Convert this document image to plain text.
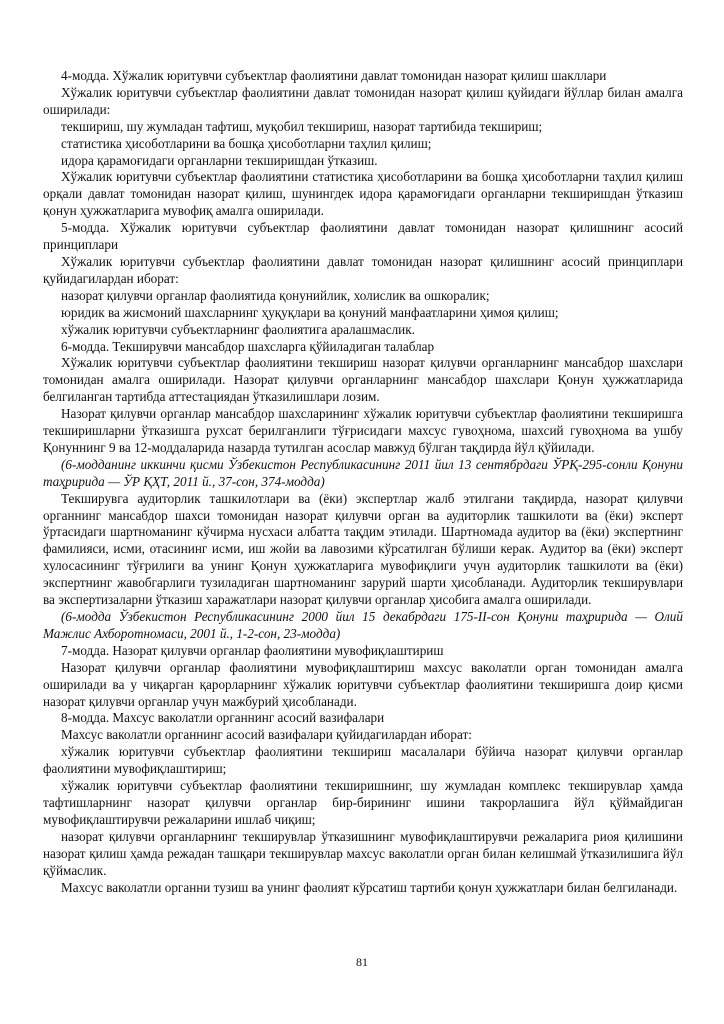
4-модда. Хўжалик юритувчи субъектлар фаолиятини давлат томонидан назорат қилиш шакллари

Хўжалик юритувчи субъектлар фаолиятини давлат томонидан назорат қилиш қуйидаги йўллар билан амалга оширилади:

текшириш, шу жумладан тафтиш, муқобил текшириш, назорат тартибида текшириш;

статистика ҳисоботларини ва бошқа ҳисоботларни таҳлил қилиш;

идора қарамоғидаги органларни текширишдан ўтказиш.

Хўжалик юритувчи субъектлар фаолиятини статистика ҳисоботларини ва бошқа ҳисоботларни таҳлил қилиш орқали давлат томонидан назорат қилиш, шунингдек идора қарамоғидаги органларни текширишдан ўтказиш қонун ҳужжатларига мувофиқ амалга оширилади.

5-модда. Хўжалик юритувчи субъектлар фаолиятини давлат томонидан назорат қилишнинг асосий принциплари

Хўжалик юритувчи субъектлар фаолиятини давлат томонидан назорат қилишнинг асосий принциплари қуйидагилардан иборат:

назорат қилувчи органлар фаолиятида қонунийлик, холислик ва ошкоралик;

юридик ва жисмоний шахсларнинг ҳуқуқлари ва қонуний манфаатларини ҳимоя қилиш;

хўжалик юритувчи субъектларнинг фаолиятига аралашмаслик.

6-модда. Текширувчи мансабдор шахсларга қўйиладиган талаблар

Хўжалик юритувчи субъектлар фаолиятини текшириш назорат қилувчи органларнинг мансабдор шахслари томонидан амалга оширилади. Назорат қилувчи органларнинг мансабдор шахслари Қонун ҳужжатларида белгиланган тартибда аттестациядан ўтказилишлари лозим.

Назорат қилувчи органлар мансабдор шахсларининг хўжалик юритувчи субъектлар фаолиятини текширишга текширишларни ўтказишга рухсат берилганлиги тўғрисидаги махсус гувоҳнома, шахсий гувоҳнома ва ушбу Қонуннинг 9 ва 12-моддаларида назарда тутилган асослар мавжуд бўлган тақдирда йўл қўйилади.

(6-модданинг иккинчи қисми Ўзбекистон Республикасининг 2011 йил 13 сентябрдаги ЎРҚ-295-сонли Қонуни таҳририда — ЎР ҚҲТ, 2011 й., 37-сон, 374-модда)

Текширувга аудиторлик ташкилотлари ва (ёки) экспертлар жалб этилгани тақдирда, назорат қилувчи органнинг мансабдор шахси томонидан назорат қилувчи орган ва аудиторлик ташкилоти ва (ёки) эксперт ўртасидаги шартноманинг кўчирма нусхаси албатта тақдим этилади. Шартномада аудитор ва (ёки) экспертнинг фамилияси, исми, отасининг исми, иш жойи ва лавозими кўрсатилган бўлиши керак. Аудитор ва (ёки) эксперт хулосасининг тўғрилиги ва унинг Қонун ҳужжатларига мувофиқлиги учун аудиторлик ташкилоти ва (ёки) экспертнинг жавобгарлиги тузиладиган шартноманинг зарурий шарти ҳисобланади. Аудиторлик текширувлари ва экспертизаларни ўтказиш харажатлари назорат қилувчи органлар ҳисобига амалга оширилади.

(6-модда Ўзбекистон Республикасининг 2000 йил 15 декабрдаги 175-II-сон Қонуни таҳририда — Олий Мажлис Ахборотномаси, 2001 й., 1-2-сон, 23-модда)

7-модда. Назорат қилувчи органлар фаолиятини мувофиқлаштириш

Назорат қилувчи органлар фаолиятини мувофиқлаштириш махсус ваколатли орган томонидан амалга оширилади ва у чиқарган қарорларнинг хўжалик юритувчи субъектлар фаолиятини текширишга доир қисми назорат қилувчи органлар учун мажбурий ҳисобланади.

8-модда. Махсус ваколатли органнинг асосий вазифалари

Махсус ваколатли органнинг асосий вазифалари қуйидагилардан иборат:

хўжалик юритувчи субъектлар фаолиятини текшириш масалалари бўйича назорат қилувчи органлар фаолиятини мувофиқлаштириш;

хўжалик юритувчи субъектлар фаолиятини текширишнинг, шу жумладан комплекс текширувлар ҳамда тафтишларнинг назорат қилувчи органлар бир-бирининг ишини такрорлашига йўл қўймайдиган мувофиқлаштирувчи режаларини ишлаб чиқиш;

назорат қилувчи органларнинг текширувлар ўтказишнинг мувофиқлаштирувчи режаларига риоя қилишини назорат қилиш ҳамда режадан ташқари текширувлар махсус ваколатли орган билан келишмай ўтказилишига йўл қўймаслик.

Махсус ваколатли органни тузиш ва унинг фаолият кўрсатиш тартиби қонун ҳужжатлари билан белгиланади.

81
